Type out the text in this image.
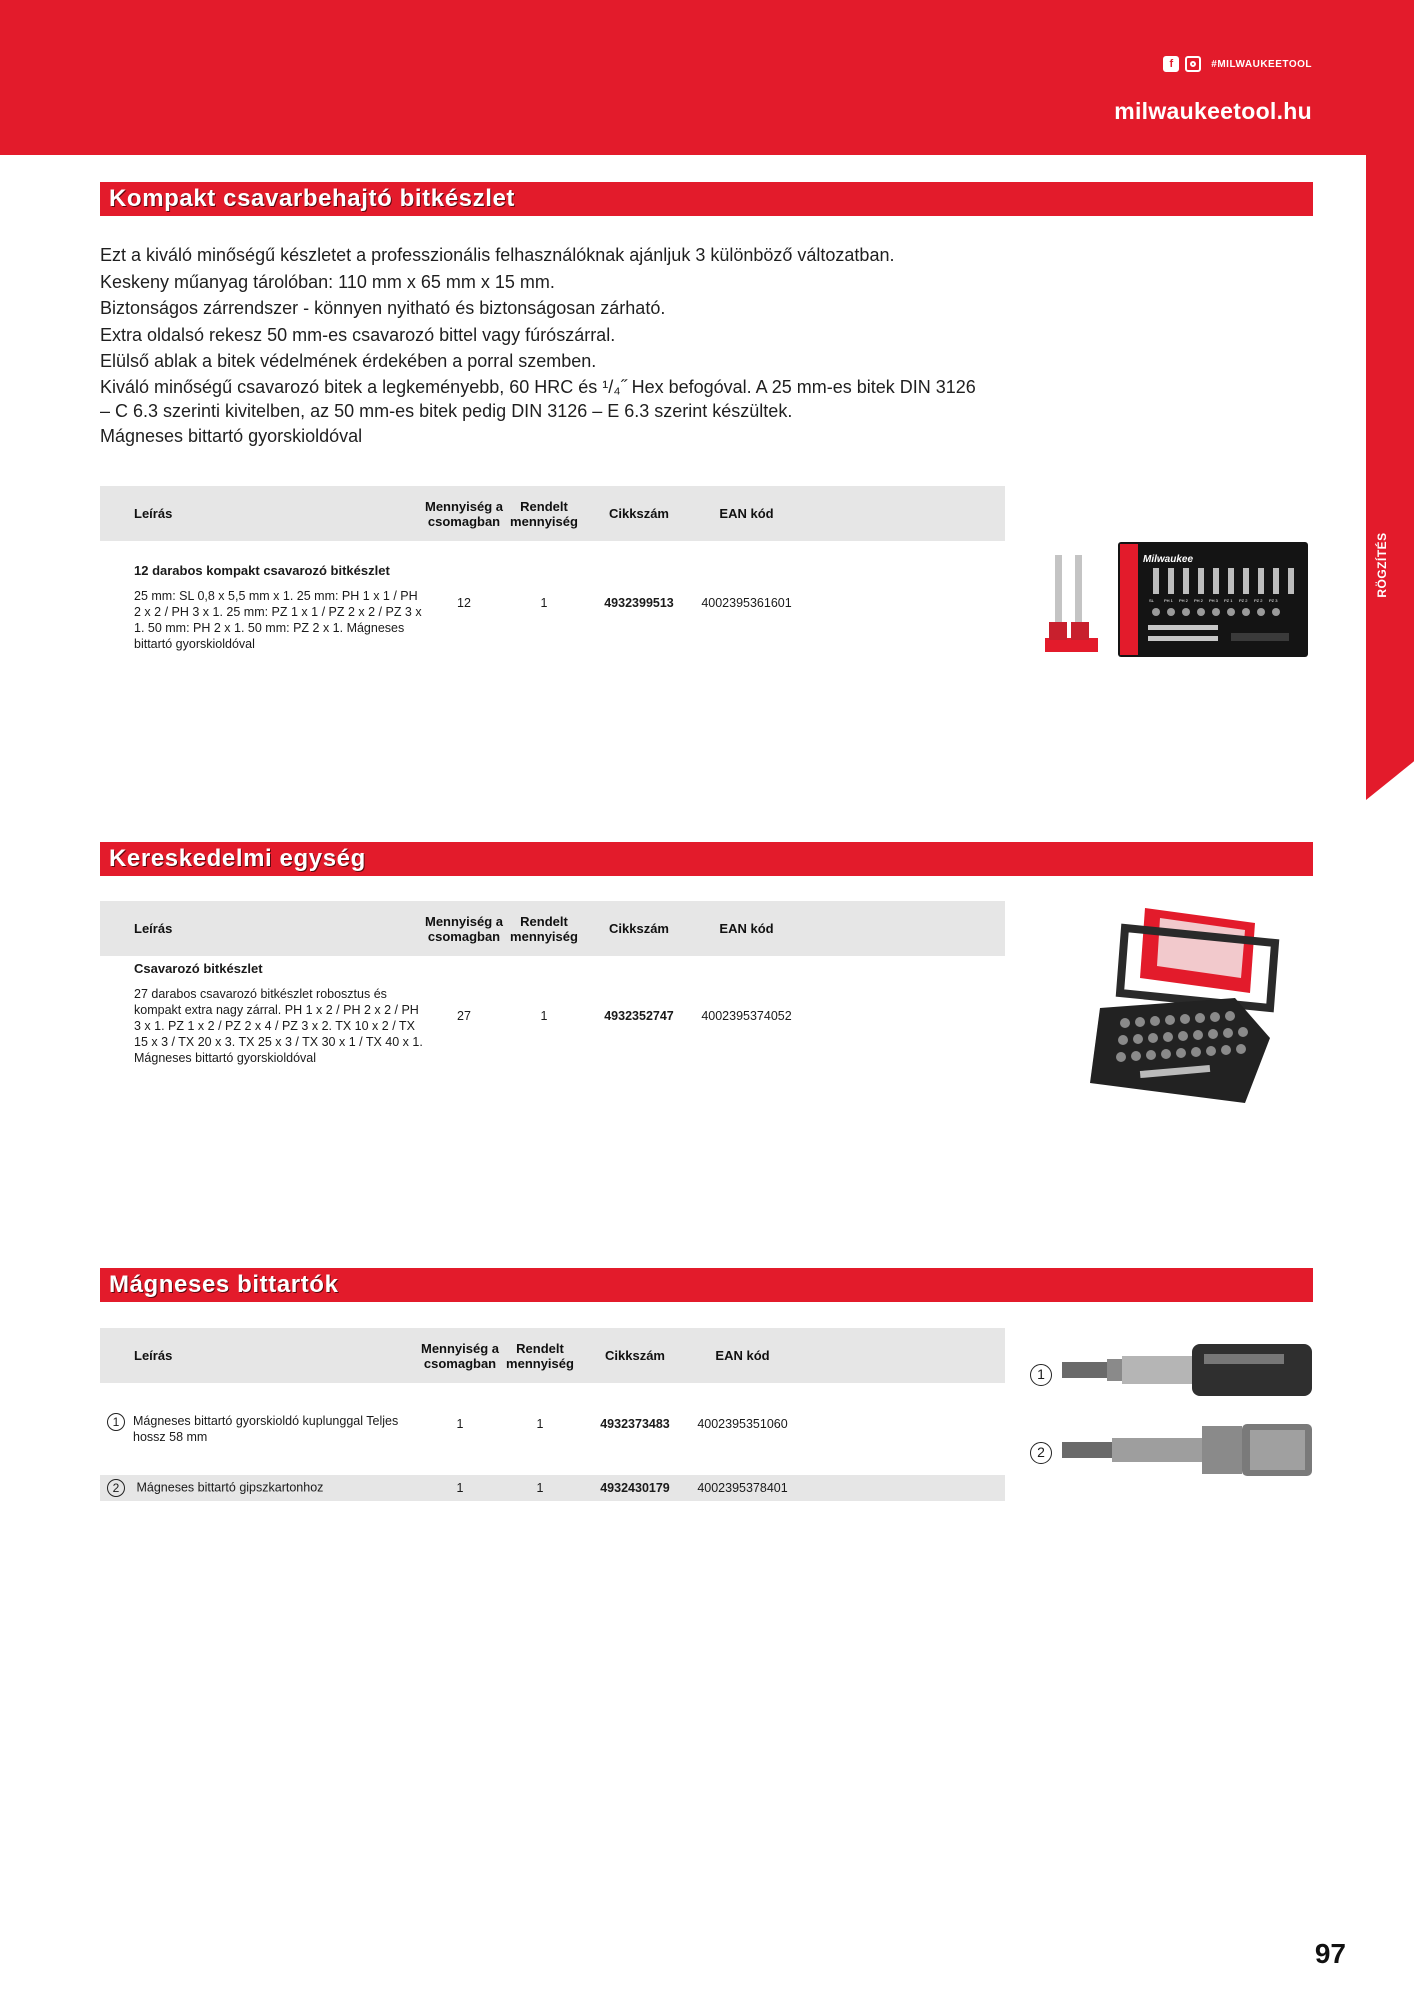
f	#MILWAUKEETOOL
milwaukeetool.hu
RÖGZÍTÉS
Kompakt csavarbehajtó bitkészlet

Ezt a kiváló minőségű készletet a professzionális felhasználóknak ajánljuk 3 különböző változatban.

Keskeny műanyag tárolóban: 110 mm x 65 mm x 15 mm.

Biztonságos zárrendszer - könnyen nyitható és biztonságosan zárható.

Extra oldalsó rekesz 50 mm-es csavarozó bittel vagy fúrószárral.

Elülső ablak a bitek védelmének érdekében a porral szemben.

Kiváló minőségű csavarozó bitek a legkeményebb, 60 HRC és ¹/₄˝ Hex befogóval. A 25 mm-es bitek DIN 3126 – C 6.3 szerinti kivitelben, az 50 mm-es bitek pedig DIN 3126 – E 6.3 szerint készültek.

Mágneses bittartó gyorskioldóval

Leírás	Mennyiség a
csomagban	Rendelt
mennyiség	Cikkszám	EAN kód	

12 darabos kompakt csavarozó bitkészlet
25 mm: SL 0,8 x 5,5 mm x 1. 25 mm: PH 1 x 1 / PH 2 x 2 / PH 3 x 1. 25 mm: PZ 1 x 1 / PZ 2 x 2 / PZ 3 x 1. 50 mm: PH 2 x 1. 50 mm: PZ 2 x 1. Mágneses bittartó gyorskioldóval	12	1	4932399513	4002395361601	
Milwaukee
SL	PH 1 PH 2 PH 2 PH 3 PZ 1 PZ 2 PZ 2 PZ 3
Kereskedelmi egység
Leírás	Mennyiség a
csomagban	Rendelt
mennyiség	Cikkszám	EAN kód	

Csavarozó bitkészlet
27 darabos csavarozó bitkészlet robosztus és kompakt extra nagy zárral. PH 1 x 2 / PH 2 x 2 / PH 3 x 1. PZ 1 x 2 / PZ 2 x 4 / PZ 3 x 2. TX 10 x 2 / TX 15 x 3 / TX 20 x 3. TX 25 x 3 / TX 30 x 1 / TX 40 x 1. Mágneses bittartó gyorskioldóval	27	1	4932352747	4002395374052	
Mágneses bittartók
Leírás	Mennyiség a
csomagban	Rendelt
mennyiség	Cikkszám	EAN kód	

1 Mágneses bittartó gyorskioldó kuplunggal Teljes hossz 58 mm	1	1	4932373483	4002395351060	

2 Mágneses bittartó gipszkartonhoz	1	1	4932430179	4002395378401	
1
2
97
